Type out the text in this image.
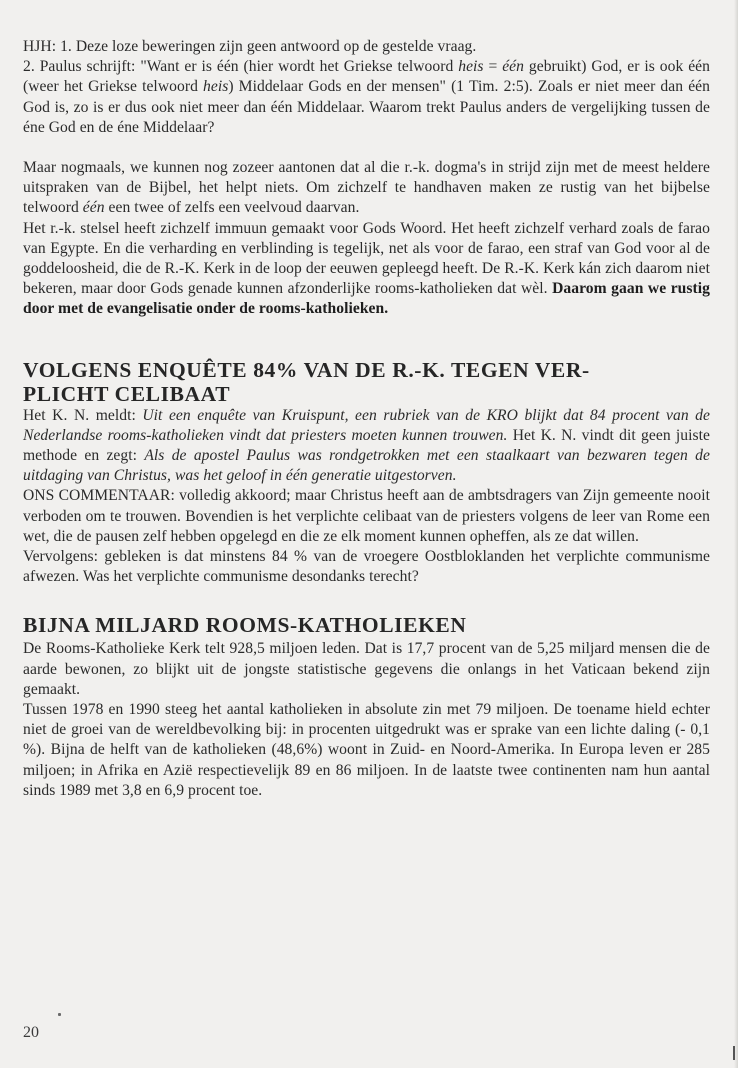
HJH: 1. Deze loze beweringen zijn geen antwoord op de gestelde vraag.

2. Paulus schrijft: "Want er is één (hier wordt het Griekse telwoord heis = één gebruikt) God, er is ook één (weer het Griekse telwoord heis) Middelaar Gods en der mensen" (1 Tim. 2:5). Zoals er niet meer dan één God is, zo is er dus ook niet meer dan één Middelaar. Waarom trekt Paulus anders de vergelijking tussen de éne God en de éne Middelaar?

Maar nogmaals, we kunnen nog zozeer aantonen dat al die r.-k. dogma's in strijd zijn met de meest heldere uitspraken van de Bijbel, het helpt niets. Om zichzelf te handhaven maken ze rustig van het bijbelse telwoord één een twee of zelfs een veelvoud daarvan.

Het r.-k. stelsel heeft zichzelf immuun gemaakt voor Gods Woord. Het heeft zichzelf verhard zoals de farao van Egypte. En die verharding en verblinding is tegelijk, net als voor de farao, een straf van God voor al de goddeloosheid, die de R.-K. Kerk in de loop der eeuwen gepleegd heeft. De R.-K. Kerk kán zich daarom niet bekeren, maar door Gods genade kunnen afzonderlijke rooms-katholieken dat wèl. Daarom gaan we rustig door met de evangelisatie onder de rooms-katholieken.

VOLGENS ENQUÊTE 84% VAN DE R.-K. TEGEN VER-
PLICHT CELIBAAT

Het K. N. meldt: Uit een enquête van Kruispunt, een rubriek van de KRO blijkt dat 84 procent van de Nederlandse rooms-katholieken vindt dat priesters moeten kunnen trouwen. Het K. N. vindt dit geen juiste methode en zegt: Als de apostel Paulus was rondgetrokken met een staalkaart van bezwaren tegen de uitdaging van Christus, was het geloof in één generatie uitgestorven.

ONS COMMENTAAR: volledig akkoord; maar Christus heeft aan de ambtsdragers van Zijn gemeente nooit verboden om te trouwen. Bovendien is het verplichte celibaat van de priesters volgens de leer van Rome een wet, die de pausen zelf hebben opgelegd en die ze elk moment kunnen opheffen, als ze dat willen.

Vervolgens: gebleken is dat minstens 84 % van de vroegere Oostbloklanden het verplichte communisme afwezen. Was het verplichte communisme desondanks terecht?

BIJNA MILJARD ROOMS-KATHOLIEKEN

De Rooms-Katholieke Kerk telt 928,5 miljoen leden. Dat is 17,7 procent van de 5,25 miljard mensen die de aarde bewonen, zo blijkt uit de jongste statistische gegevens die onlangs in het Vaticaan bekend zijn gemaakt.

Tussen 1978 en 1990 steeg het aantal katholieken in absolute zin met 79 miljoen. De toename hield echter niet de groei van de wereldbevolking bij: in procenten uitgedrukt was er sprake van een lichte daling (- 0,1 %). Bijna de helft van de katholieken (48,6%) woont in Zuid- en Noord-Amerika. In Europa leven er 285 miljoen; in Afrika en Azië respectievelijk 89 en 86 miljoen. In de laatste twee continenten nam hun aantal sinds 1989 met 3,8 en 6,9 procent toe.

20
